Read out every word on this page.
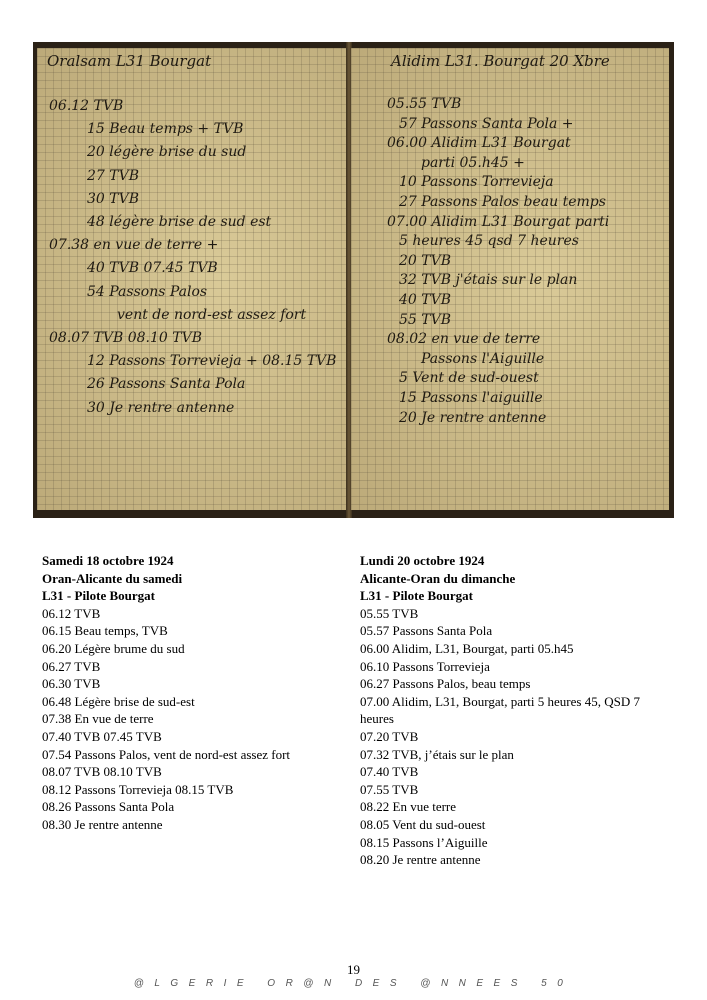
Oralsam L31 Bourgat
06.12 TVB
15 Beau temps + TVB
20 légère brise du sud
27 TVB
30 TVB
48 légère brise de sud est
07.38 en vue de terre +
40 TVB 07.45 TVB
54 Passons Palos
vent de nord-est assez fort
08.07 TVB 08.10 TVB
12 Passons Torrevieja + 08.15 TVB
26 Passons Santa Pola
30 Je rentre antenne
Alidim L31. Bourgat 20 Xbre
05.55 TVB
57 Passons Santa Pola +
06.00 Alidim L31 Bourgat
parti 05.h45 +
10 Passons Torrevieja
27 Passons Palos beau temps
07.00 Alidim L31 Bourgat parti
5 heures 45 qsd 7 heures
20 TVB
32 TVB j'étais sur le plan
40 TVB
55 TVB
08.02 en vue de terre
Passons l'Aiguille
5 Vent de sud-ouest
15 Passons l'aiguille
20 Je rentre antenne
Samedi 18 octobre 1924
Oran-Alicante du samedi
L31 - Pilote Bourgat
06.12 TVB
06.15 Beau temps, TVB
06.20 Légère brume du sud
06.27 TVB
06.30 TVB
06.48 Légère brise de sud-est
07.38 En vue de terre
07.40 TVB 07.45 TVB
07.54 Passons Palos, vent de nord-est assez fort
08.07 TVB 08.10 TVB
08.12 Passons Torrevieja 08.15 TVB
08.26 Passons Santa Pola
08.30 Je rentre antenne
Lundi 20 octobre 1924
Alicante-Oran du dimanche
L31 - Pilote Bourgat
05.55 TVB
05.57 Passons Santa Pola
06.00 Alidim, L31, Bourgat, parti 05.h45
06.10 Passons Torrevieja
06.27 Passons Palos, beau temps
07.00 Alidim, L31, Bourgat, parti 5 heures 45, QSD 7 heures
07.20 TVB
07.32 TVB, j’étais sur le plan
07.40 TVB
07.55 TVB
08.22 En vue terre
08.05 Vent du sud-ouest
08.15 Passons l’Aiguille
08.20 Je rentre antenne
19
@LGERIE OR@N DES @NNEES 50
